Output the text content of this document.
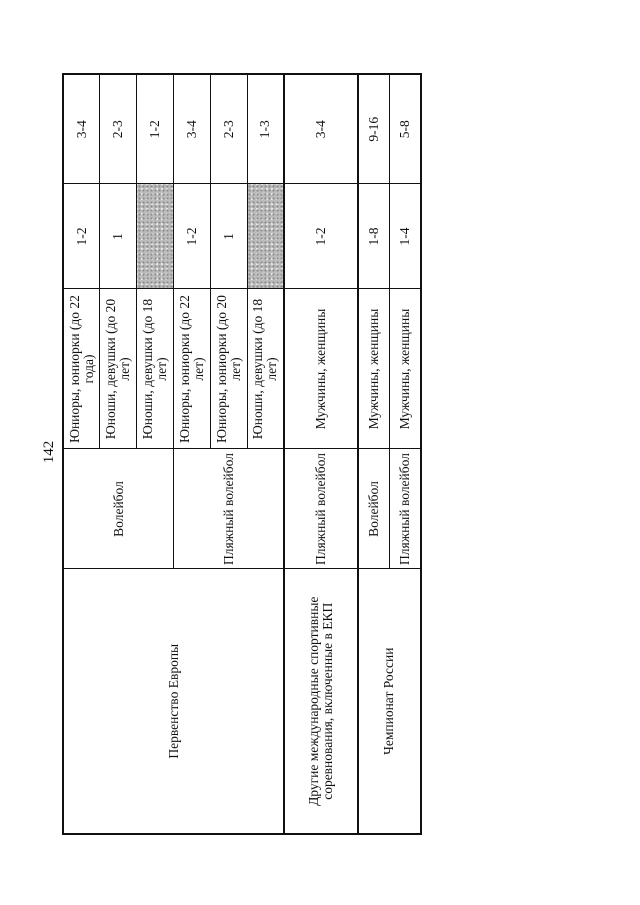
142
Первенство Европы	Волейбол	Юниоры, юниорки (до 22 года)	1-2	3-4
		Юноши, девушки (до 20 лет)	1	2-3
		Юноши, девушки (до 18 лет)		1-2
	Пляжный волейбол	Юниоры, юниорки (до 22 лет)	1-2	3-4
		Юниоры, юниорки (до 20 лет)	1	2-3
		Юноши, девушки (до 18 лет)		1-3
Другие международные спортивные соревнования, включенные в ЕКП	Пляжный волейбол	Мужчины, женщины	1-2	3-4
Чемпионат России	Волейбол	Мужчины, женщины	1-8	9-16
	Пляжный волейбол	Мужчины, женщины	1-4	5-8
